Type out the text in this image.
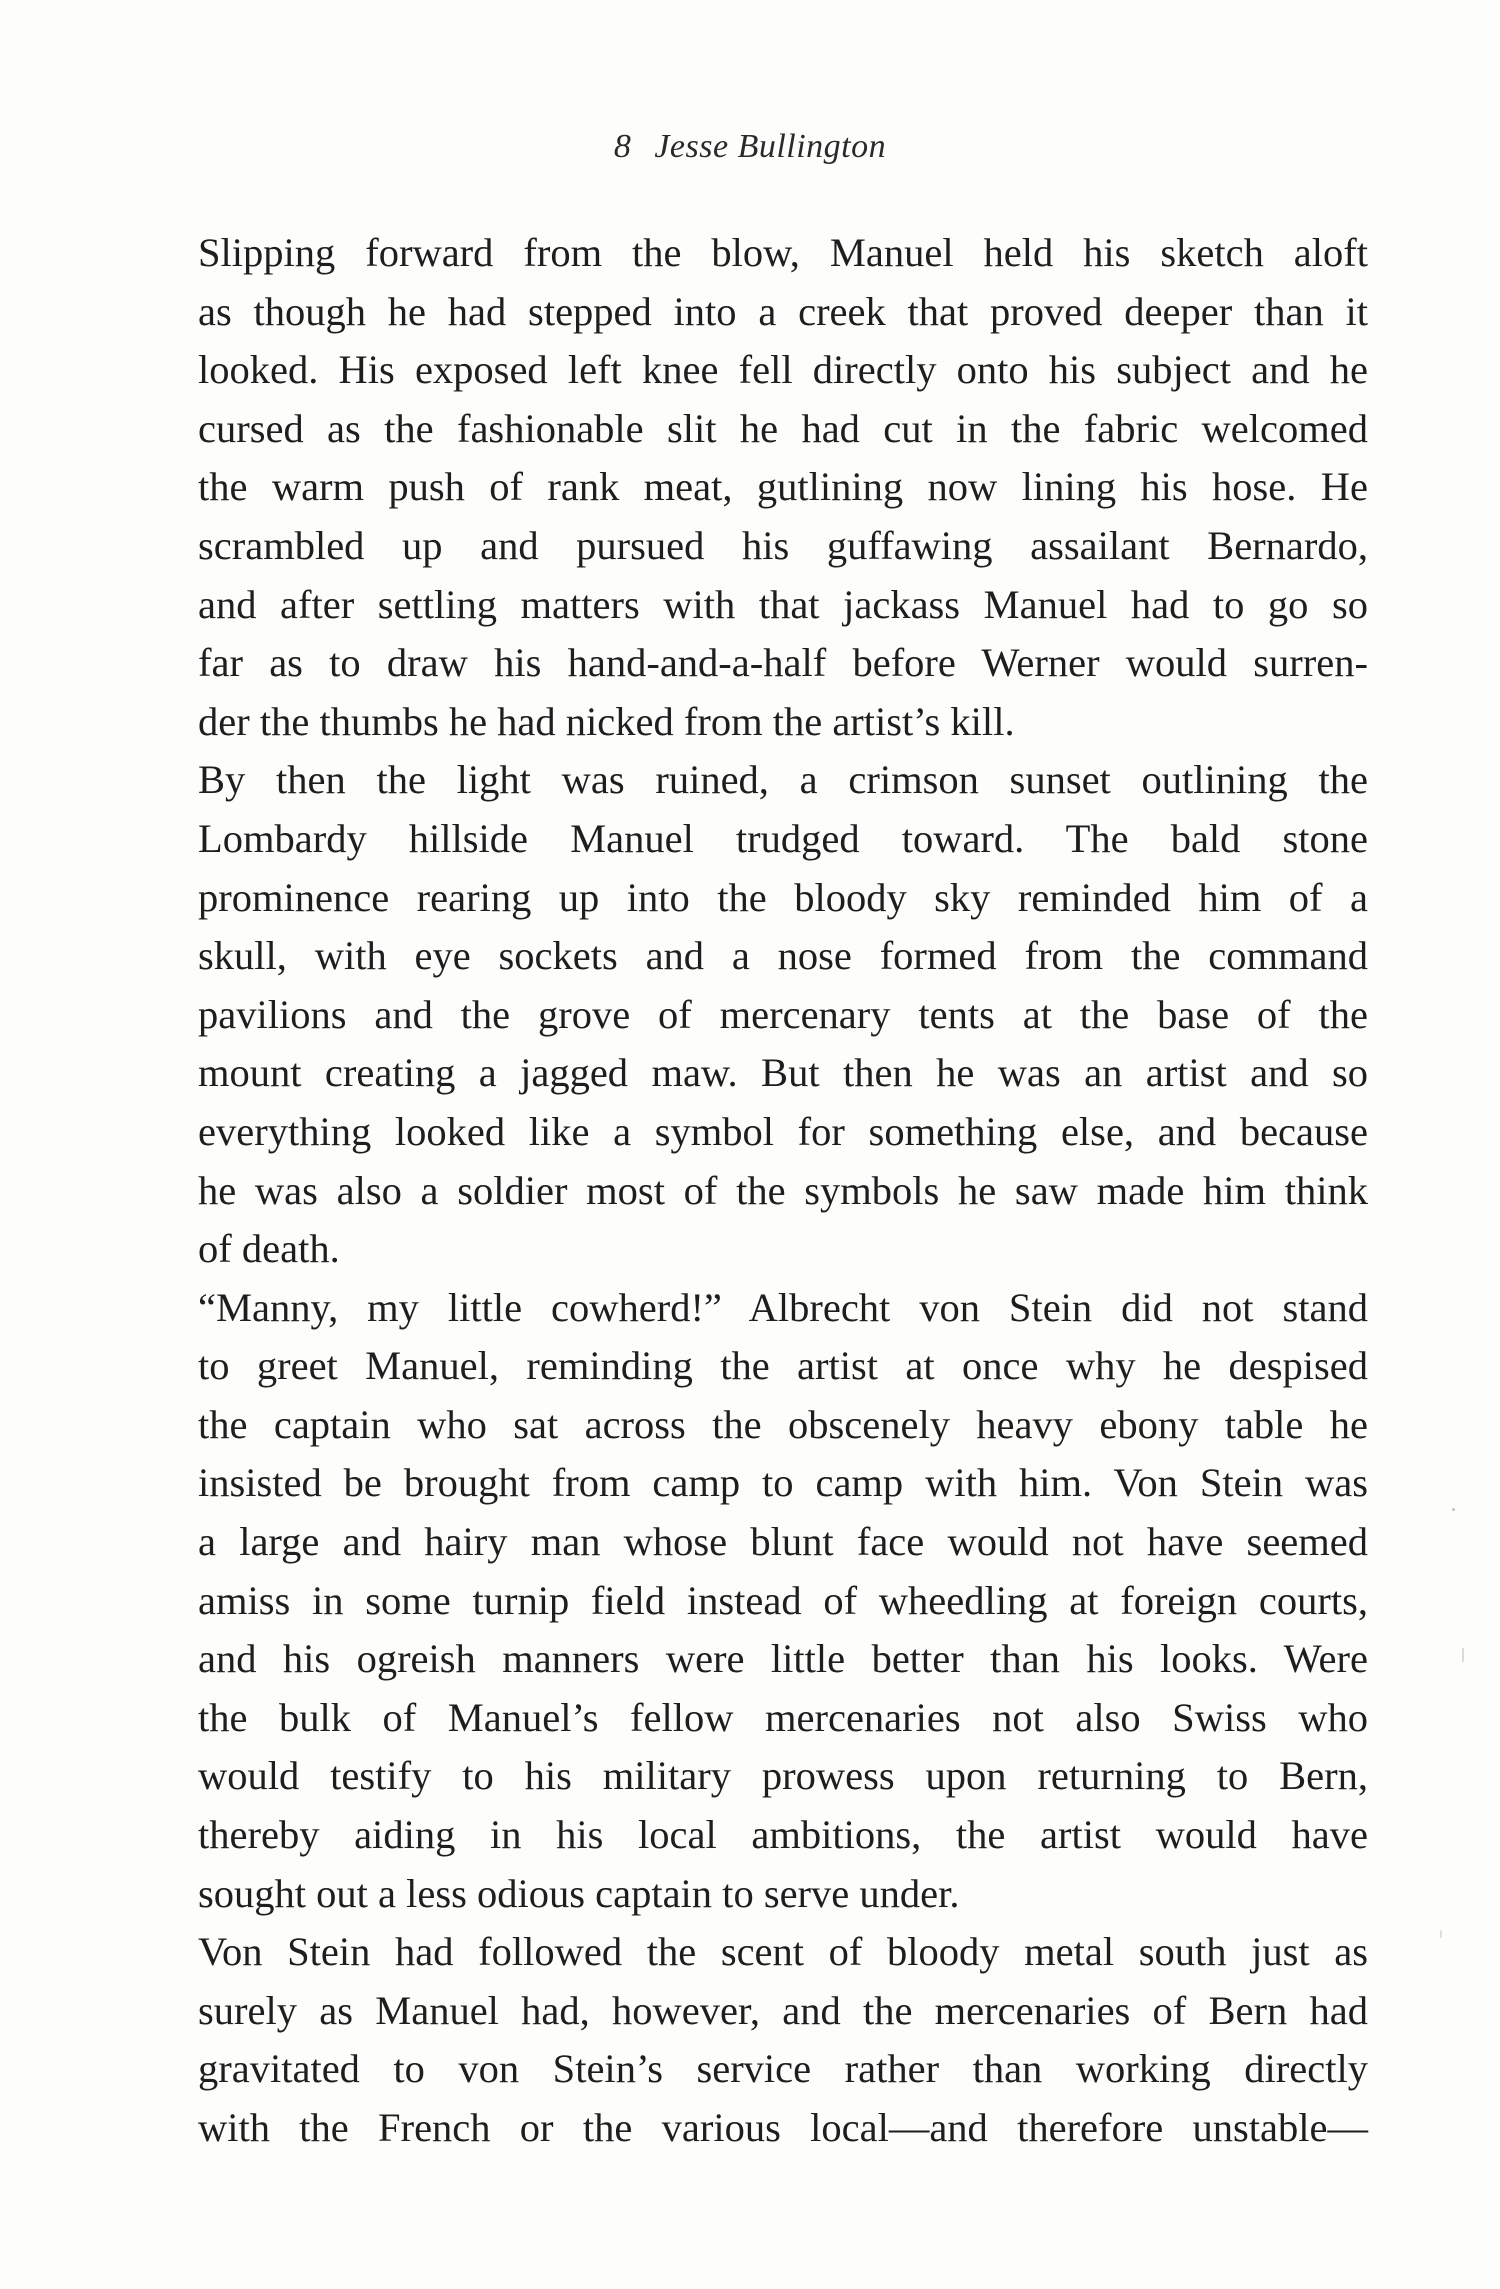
8 Jesse Bullington
Slipping forward from the blow, Manuel held his sketch aloft
as though he had stepped into a creek that proved deeper than it
looked. His exposed left knee fell directly onto his subject and he
cursed as the fashionable slit he had cut in the fabric welcomed
the warm push of rank meat, gutlining now lining his hose. He
scrambled up and pursued his guffawing assailant Bernardo,
and after settling matters with that jackass Manuel had to go so
far as to draw his hand-and-a-half before Werner would surren-
der the thumbs he had nicked from the artist’s kill.
By then the light was ruined, a crimson sunset outlining the
Lombardy hillside Manuel trudged toward. The bald stone
prominence rearing up into the bloody sky reminded him of a
skull, with eye sockets and a nose formed from the command
pavilions and the grove of mercenary tents at the base of the
mount creating a jagged maw. But then he was an artist and so
everything looked like a symbol for something else, and because
he was also a soldier most of the symbols he saw made him think
of death.
“Manny, my little cowherd!” Albrecht von Stein did not stand
to greet Manuel, reminding the artist at once why he despised
the captain who sat across the obscenely heavy ebony table he
insisted be brought from camp to camp with him. Von Stein was
a large and hairy man whose blunt face would not have seemed
amiss in some turnip field instead of wheedling at foreign courts,
and his ogreish manners were little better than his looks. Were
the bulk of Manuel’s fellow mercenaries not also Swiss who
would testify to his military prowess upon returning to Bern,
thereby aiding in his local ambitions, the artist would have
sought out a less odious captain to serve under.
Von Stein had followed the scent of bloody metal south just as
surely as Manuel had, however, and the mercenaries of Bern had
gravitated to von Stein’s service rather than working directly
with the French or the various local—and therefore unstable—
